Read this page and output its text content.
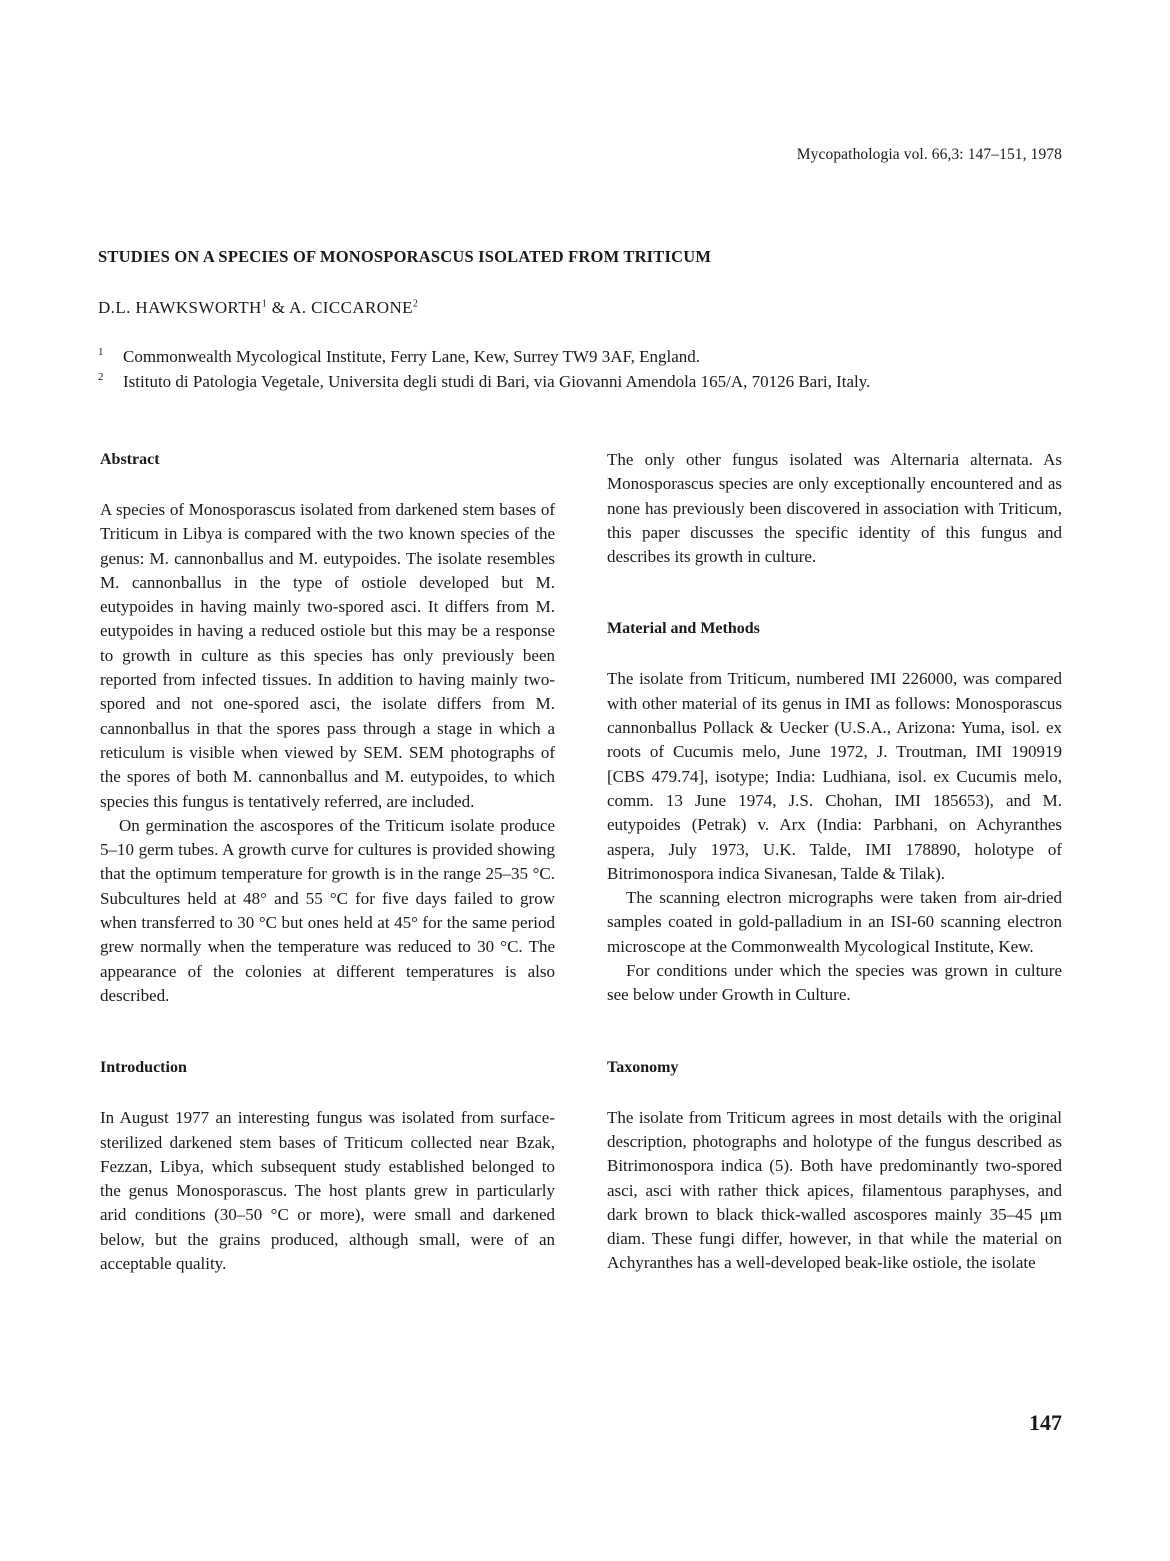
Mycopathologia vol. 66,3: 147–151, 1978
STUDIES ON A SPECIES OF MONOSPORASCUS ISOLATED FROM TRITICUM
D.L. HAWKSWORTH$^1$ & A. CICCARONE$^2$
1 Commonwealth Mycological Institute, Ferry Lane, Kew, Surrey TW9 3AF, England.
2 Istituto di Patologia Vegetale, Universita degli studi di Bari, via Giovanni Amendola 165/A, 70126 Bari, Italy.
Abstract

A species of Monosporascus isolated from darkened stem bases of Triticum in Libya is compared with the two known species of the genus: M. cannonballus and M. eutypoides. The isolate resembles M. cannonballus in the type of ostiole developed but M. eutypoides in having mainly two-spored asci. It differs from M. eutypoides in having a reduced ostiole but this may be a response to growth in culture as this species has only previously been reported from infected tissues. In addition to having mainly two-spored and not one-spored asci, the isolate differs from M. cannonballus in that the spores pass through a stage in which a reticulum is visible when viewed by SEM. SEM photographs of the spores of both M. cannonballus and M. eutypoides, to which species this fungus is tentatively referred, are included.

On germination the ascospores of the Triticum isolate produce 5–10 germ tubes. A growth curve for cultures is provided showing that the optimum temperature for growth is in the range 25–35 °C. Subcultures held at 48° and 55 °C for five days failed to grow when transferred to 30 °C but ones held at 45° for the same period grew normally when the temperature was reduced to 30 °C. The appearance of the colonies at different temperatures is also described.

Introduction

In August 1977 an interesting fungus was isolated from surface-sterilized darkened stem bases of Triticum collected near Bzak, Fezzan, Libya, which subsequent study established belonged to the genus Monosporascus. The host plants grew in particularly arid conditions (30–50 °C or more), were small and darkened below, but the grains produced, although small, were of an acceptable quality.

The only other fungus isolated was Alternaria alternata. As Monosporascus species are only exceptionally encountered and as none has previously been discovered in association with Triticum, this paper discusses the specific identity of this fungus and describes its growth in culture.

Material and Methods

The isolate from Triticum, numbered IMI 226000, was compared with other material of its genus in IMI as follows: Monosporascus cannonballus Pollack & Uecker (U.S.A., Arizona: Yuma, isol. ex roots of Cucumis melo, June 1972, J. Troutman, IMI 190919 [CBS 479.74], isotype; India: Ludhiana, isol. ex Cucumis melo, comm. 13 June 1974, J.S. Chohan, IMI 185653), and M. eutypoides (Petrak) v. Arx (India: Parbhani, on Achyranthes aspera, July 1973, U.K. Talde, IMI 178890, holotype of Bitrimonospora indica Sivanesan, Talde & Tilak).

The scanning electron micrographs were taken from air-dried samples coated in gold-palladium in an ISI-60 scanning electron microscope at the Commonwealth Mycological Institute, Kew.

For conditions under which the species was grown in culture see below under Growth in Culture.

Taxonomy

The isolate from Triticum agrees in most details with the original description, photographs and holotype of the fungus described as Bitrimonospora indica (5). Both have predominantly two-spored asci, asci with rather thick apices, filamentous paraphyses, and dark brown to black thick-walled ascospores mainly 35–45 μm diam. These fungi differ, however, in that while the material on Achyranthes has a well-developed beak-like ostiole, the isolate

147
